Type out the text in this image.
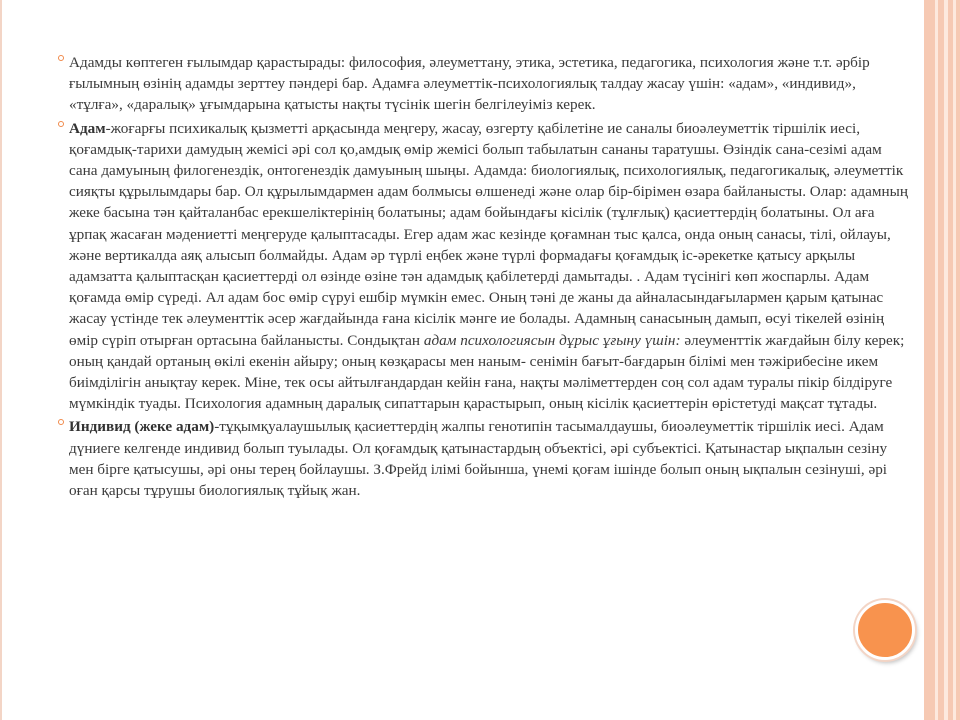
Адамды көптеген ғылымдар қарастырады: философия, әлеуметтану, этика, эстетика, педагогика, психология және т.т. әрбір ғылымның өзінің адамды зерттеу пәндері бар. Адамға әлеуметтік-психологиялық талдау жасау үшін: «адам», «индивид», «тұлға», «даралық» ұғымдарына қатысты нақты түсінік шегін белгілеуіміз керек.
Адам-жоғарғы психикалық қызметті арқасында меңгеру, жасау, өзгерту қабілетіне ие саналы биоәлеуметтік тіршілік иесі, қоғамдық-тарихи дамудың жемісі әрі сол қо,амдық өмір жемісі болып табылатын сананы таратушы. Өзіндік сана-сезімі адам сана дамуының филогенездік, онтогенездік дамуының шыңы. Адамда: биологиялық, психологиялық, педагогикалық, әлеуметтік сияқты құрылымдары бар. Ол құрылымдармен адам болмысы өлшенеді және олар бір-бірімен өзара байланысты. Олар: адамның жеке басына тән қайталанбас ерекшеліктерінің болатыны; адам бойындағы кісілік (тұлғлық) қасиеттердің болатыны. Ол аға ұрпақ жасаған мәдениетті меңгеруде қалыптасады. Егер адам жас кезінде қоғамнан тыс қалса, онда оның санасы, тілі, ойлауы, және вертикалда аяқ алысып болмайды. Адам әр түрлі еңбек және түрлі формадағы қоғамдық іс-әрекетке қатысу арқылы адамзатта қалыптасқан қасиеттерді ол өзінде өзіне тән адамдық қабілетерді дамытады. . Адам түсінігі көп жоспарлы. Адам қоғамда өмір сүреді. Ал адам бос өмір сүруі ешбір мүмкін емес. Оның тәні де жаны да айналасындағылармен қарым қатынас жасау үстінде тек әлеументтік әсер жағдайында ғана кісілік мәнге ие болады. Адамның санасының дамып, өсуі тікелей өзінің өмір сүріп отырған ортасына байланысты. Сондықтан адам психологиясын дұрыс ұғыну үшін: әлеументтік жағдайын білу керек; оның қандай ортаның өкілі екенін айыру; оның көзқарасы мен наным- сенімін бағыт-бағдарын білімі мен тәжірибесіне икем биімділігін анықтау керек. Міне, тек осы айтылғандардан кейін ғана, нақты мәліметтерден соң сол адам туралы пікір білдіруге мүмкіндік туады. Психология адамның даралық сипаттарын қарастырып, оның кісілік қасиеттерін өрістетуді мақсат тұтады.
Индивид (жеке адам)-тұқымқуалаушылық қасиеттердің жалпы генотипін тасымалдаушы, биоәлеуметтік тіршілік иесі. Адам дүниеге келгенде индивид болып туылады. Ол қоғамдық қатынастардың объектісі, әрі субъектісі. Қатынастар ықпалын сезіну мен бірге қатысушы, әрі оны терең бойлаушы. З.Фрейд ілімі бойынша, үнемі қоғам ішінде болып оның ықпалын сезінуші, әрі оған қарсы тұрушы биологиялық тұйық жан.
